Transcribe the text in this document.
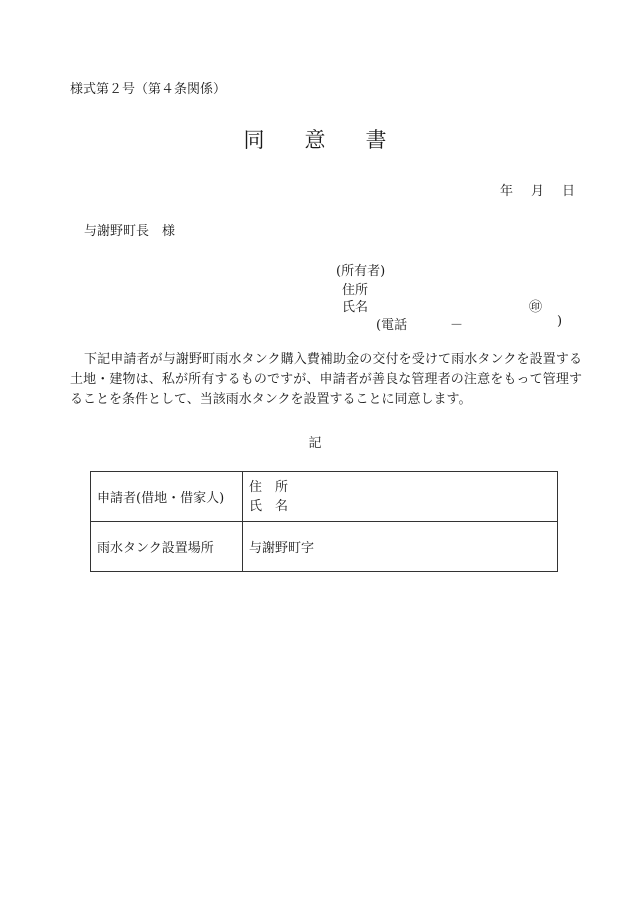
様式第２号（第４条関係）
同 意 書
年 月 日
与謝野町長　様
(所有者)
住所
氏名	㊞
(電話	－	)
下記申請者が与謝野町雨水タンク購入費補助金の交付を受けて雨水タンクを設置する土地・建物は、私が所有するものですが、申請者が善良な管理者の注意をもって管理することを条件として、当該雨水タンクを設置することに同意します。
記
申請者(借地・借家人)	住　所
氏　名

雨水タンク設置場所	与謝野町字
